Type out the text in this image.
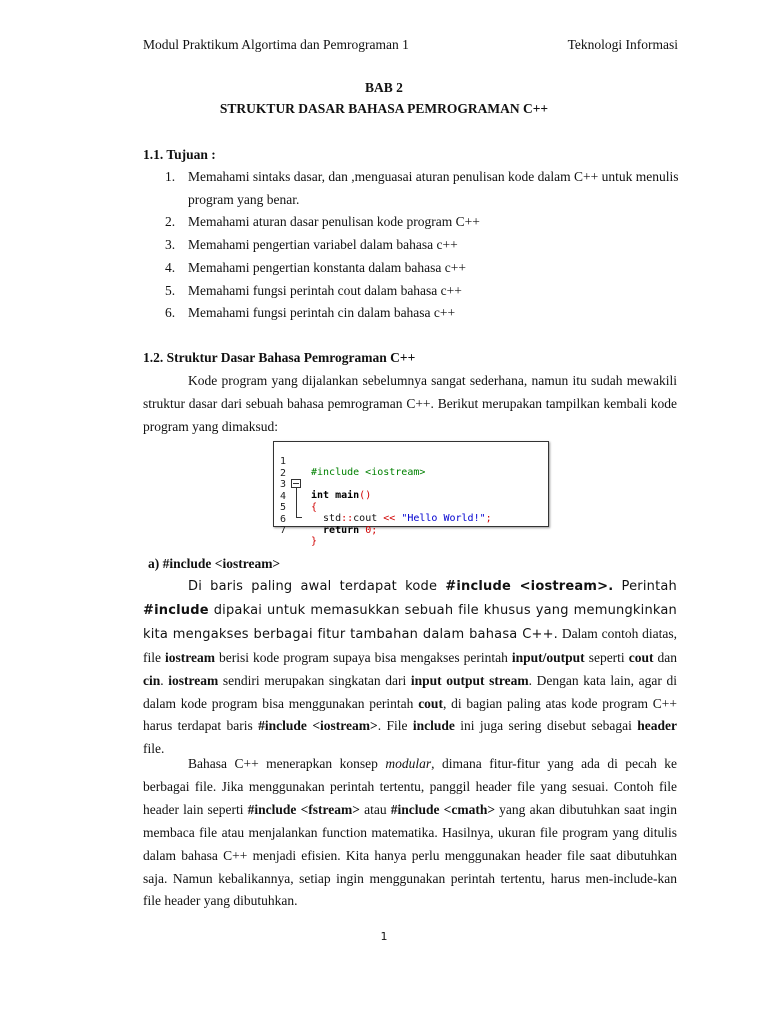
Modul Praktikum Algortima dan Pemrograman 1	Teknologi Informasi
BAB 2
STRUKTUR DASAR BAHASA PEMROGRAMAN C++
1.1. Tujuan :
1. Memahami sintaks dasar, dan ,menguasai aturan penulisan kode dalam C++ untuk menulis program yang benar.
2. Memahami aturan dasar penulisan kode program C++
3. Memahami pengertian variabel dalam bahasa c++
4. Memahami pengertian konstanta dalam bahasa c++
5. Memahami fungsi perintah cout dalam bahasa c++
6. Memahami fungsi perintah cin dalam bahasa c++
1.2. Struktur Dasar Bahasa Pemrograman C++

Kode program yang dijalankan sebelumnya sangat sederhana, namun itu sudah mewakili struktur dasar dari sebuah bahasa pemrograman C++. Berikut merupakan tampilkan kembali kode program yang dimaksud:

1

#include <iostream>

2

3

int main()

4

{

5

std::cout << "Hello World!";

6

return 0;

7

}

a) #include <iostream>

Di baris paling awal terdapat kode #include <iostream>. Perintah #include dipakai untuk memasukkan sebuah file khusus yang memungkinkan kita mengakses berbagai fitur tambahan dalam bahasa C++. Dalam contoh diatas, file iostream berisi kode program supaya bisa mengakses perintah input/output seperti cout dan cin. iostream sendiri merupakan singkatan dari input output stream. Dengan kata lain, agar di dalam kode program bisa menggunakan perintah cout, di bagian paling atas kode program C++ harus terdapat baris #include <iostream>. File include ini juga sering disebut sebagai header file.

Bahasa C++ menerapkan konsep modular, dimana fitur-fitur yang ada di pecah ke berbagai file. Jika menggunakan perintah tertentu, panggil header file yang sesuai. Contoh file header lain seperti #include <fstream> atau #include <cmath> yang akan dibutuhkan saat ingin membaca file atau menjalankan function matematika. Hasilnya, ukuran file program yang ditulis dalam bahasa C++ menjadi efisien. Kita hanya perlu menggunakan header file saat dibutuhkan saja. Namun kebalikannya, setiap ingin menggunakan perintah tertentu, harus men-include-kan file header yang dibutuhkan.

1
